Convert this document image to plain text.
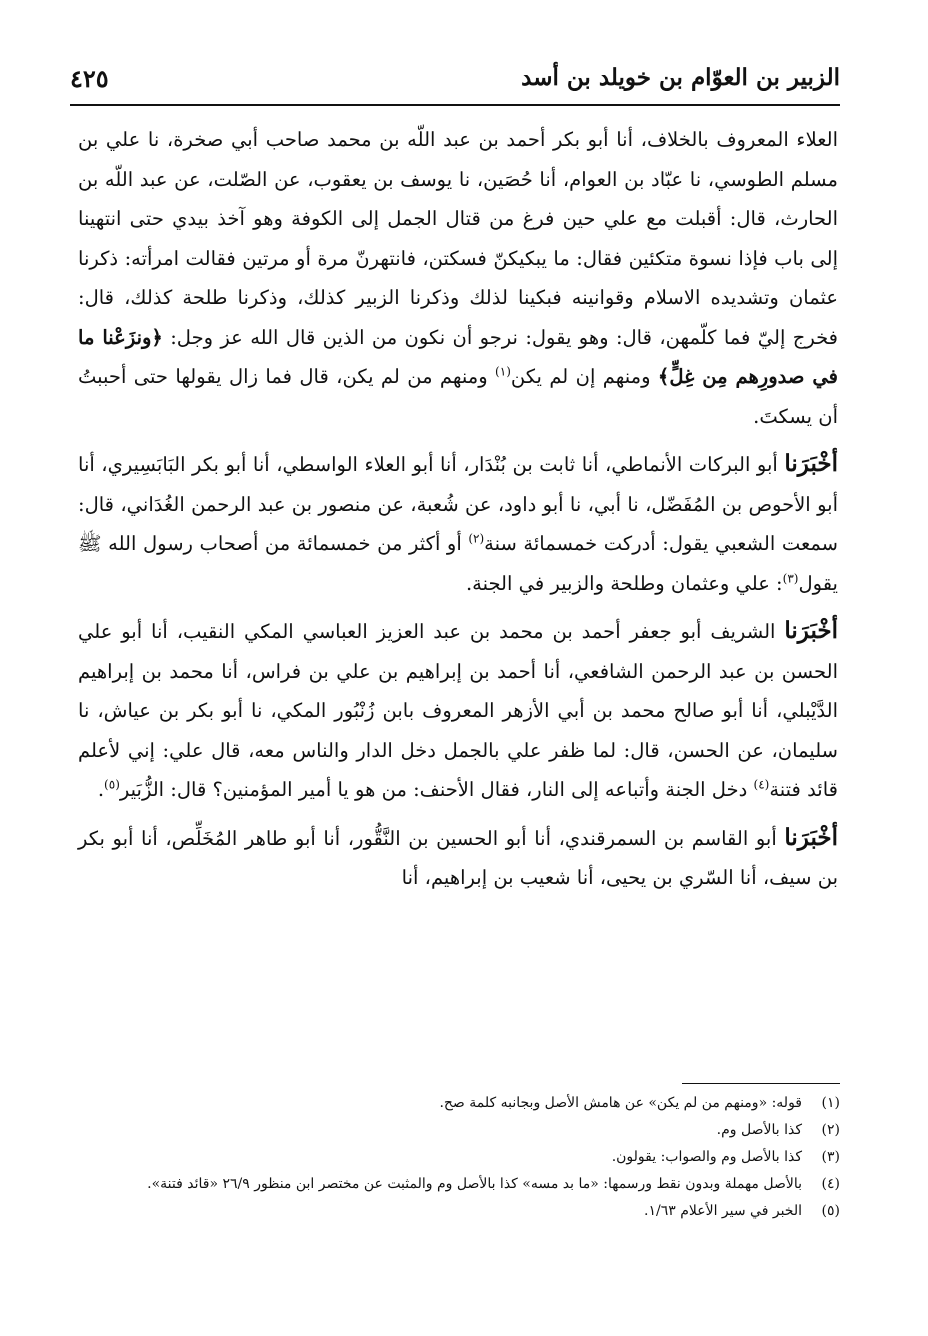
الزبير بن العوّام بن خويلد بن أسد
٤٢٥

العلاء المعروف بالخلاف، أنا أبو بكر أحمد بن عبد اللّه بن محمد صاحب أبي صخرة، نا علي بن مسلم الطوسي، نا عبّاد بن العوام، أنا حُصَين، نا يوسف بن يعقوب، عن الصّلت، عن عبد اللّه بن الحارث، قال: أقبلت مع علي حين فرغ من قتال الجمل إلى الكوفة وهو آخذ بيدي حتى انتهينا إلى باب فإذا نسوة متكئين فقال: ما يبكيكنّ فسكتن، فانتهرنّ مرة أو مرتين فقالت امرأته: ذكرنا عثمان وتشديده الاسلام وقوانينه فبكينا لذلك وذكرنا الزبير كذلك، وذكرنا طلحة كذلك، قال: فخرج إليّ فما كلّمهن، قال: وهو يقول: نرجو أن نكون من الذين قال الله عز وجل: ﴿ونزَعْنا ما في صدورِهم مِن غِلٍّ﴾ ومنهم إن لم يكن$^{(١)}$ ومنهم من لم يكن، قال فما زال يقولها حتى أحببتُ أن يسكتَ.

أخْبَرَنا أبو البركات الأنماطي، أنا ثابت بن بُنْدَار، أنا أبو العلاء الواسطي، أنا أبو بكر البَابَسِيري، أنا أبو الأحوص بن المُفَضّل، نا أبي، نا أبو داود، عن شُعبة، عن منصور بن عبد الرحمن الغُدَاني، قال: سمعت الشعبي يقول: أدركت خمسمائة سنة$^{(٢)}$ أو أكثر من خمسمائة من أصحاب رسول الله ﷺ يقول$^{(٣)}$: علي وعثمان وطلحة والزبير في الجنة.

أخْبَرَنا الشريف أبو جعفر أحمد بن محمد بن عبد العزيز العباسي المكي النقيب، أنا أبو علي الحسن بن عبد الرحمن الشافعي، أنا أحمد بن إبراهيم بن علي بن فراس، أنا محمد بن إبراهيم الدَّيْبلي، أنا أبو صالح محمد بن أبي الأزهر المعروف بابن زُنْبُور المكي، نا أبو بكر بن عياش، نا سليمان، عن الحسن، قال: لما ظفر علي بالجمل دخل الدار والناس معه، قال علي: إني لأعلم قائد فتنة$^{(٤)}$ دخل الجنة وأتباعه إلى النار، فقال الأحنف: من هو يا أمير المؤمنين؟ قال: الزُّبَير$^{(٥)}$.

أخْبَرَنا أبو القاسم بن السمرقندي، أنا أبو الحسين بن النَّقُّور، أنا أبو طاهر المُخَلِّص، أنا أبو بكر بن سيف، أنا السّري بن يحيى، أنا شعيب بن إبراهيم، أنا

(١)
قوله: «ومنهم من لم يكن» عن هامش الأصل وبجانبه كلمة صح.
(٢)
كذا بالأصل وم.
(٣)
كذا بالأصل وم والصواب: يقولون.
(٤)
بالأصل مهملة وبدون نقط ورسمها: «ما بد مسه» كذا بالأصل وم والمثبت عن مختصر ابن منظور ٢٦/٩ «قائد فتنة».
(٥)
الخبر في سير الأعلام ١/٦٣.
